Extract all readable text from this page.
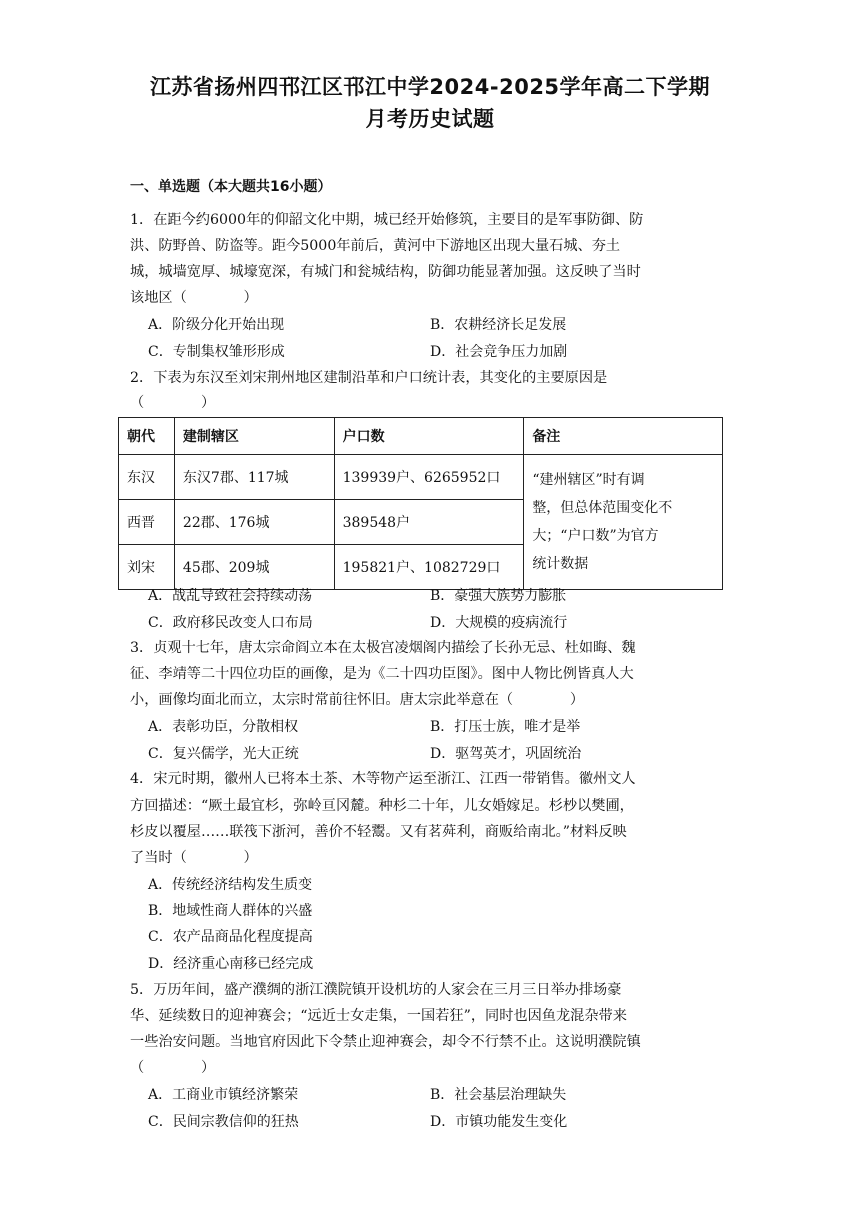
江苏省扬州四邗江区邗江中学2024-2025学年高二下学期
月考历史试题
一、单选题（本大题共16小题）
1．在距今约6000年的仰韶文化中期，城已经开始修筑，主要目的是军事防御、防
洪、防野兽、防盗等。距今5000年前后，黄河中下游地区出现大量石城、夯土
城，城墙宽厚、城壕宽深，有城门和瓮城结构，防御功能显著加强。这反映了当时
该地区（　　　　）
A．阶级分化开始出现	B．农耕经济长足发展
C．专制集权雏形形成	D．社会竞争压力加剧
2．下表为东汉至刘宋荆州地区建制沿革和户口统计表，其变化的主要原因是
（　　　　）
朝代	建制辖区	户口数	备注
东汉	东汉7郡、117城	139939户、6265952口	“建州辖区”时有调
整，但总体范围变化不
大；“户口数”为官方
统计数据

西晋	22郡、176城	389548户	
刘宋	45郡、209城	195821户、1082729口	
A．战乱导致社会持续动荡	B．豪强大族势力膨胀
C．政府移民改变人口布局	D．大规模的疫病流行
3．贞观十七年，唐太宗命阎立本在太极宫凌烟阁内描绘了长孙无忌、杜如晦、魏
征、李靖等二十四位功臣的画像，是为《二十四功臣图》。图中人物比例皆真人大
小，画像均面北而立，太宗时常前往怀旧。唐太宗此举意在（　　　　）
A．表彰功臣，分散相权	B．打压士族，唯才是举
C．复兴儒学，光大正统	D．驱驾英才，巩固统治
4．宋元时期，徽州人已将本土茶、木等物产运至浙江、江西一带销售。徽州文人
方回描述：“厥土最宜杉，弥岭亘冈麓。种杉二十年，儿女婚嫁足。杉杪以樊圃，
杉皮以覆屋……联筏下浙河，善价不轻鬻。又有茗荈利，商贩给南北。”材料反映
了当时（　　　　）
A．传统经济结构发生质变
B．地域性商人群体的兴盛
C．农产品商品化程度提高
D．经济重心南移已经完成
5．万历年间，盛产濮绸的浙江濮院镇开设机坊的人家会在三月三日举办排场豪
华、延续数日的迎神赛会；“远近士女走集，一国若狂”，同时也因鱼龙混杂带来
一些治安问题。当地官府因此下令禁止迎神赛会，却令不行禁不止。这说明濮院镇
（　　　　）
A．工商业市镇经济繁荣	B．社会基层治理缺失
C．民间宗教信仰的狂热	D．市镇功能发生变化
